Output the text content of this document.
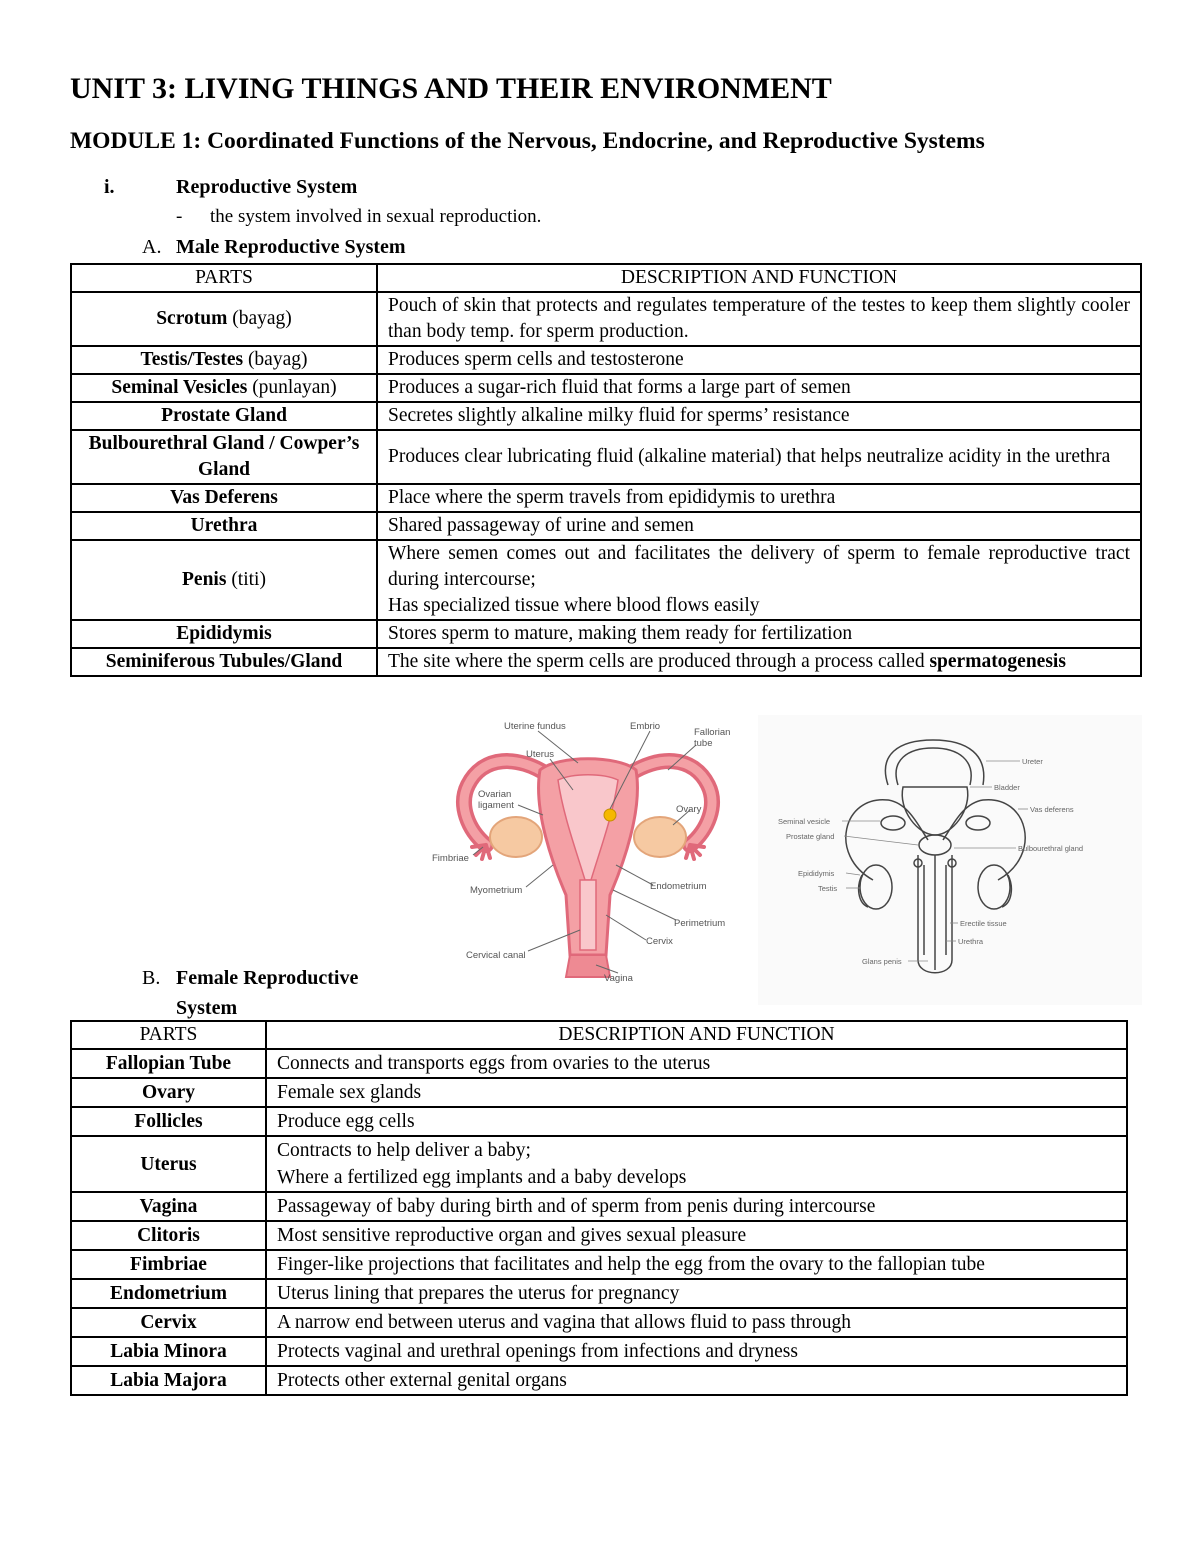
UNIT 3: LIVING THINGS AND THEIR ENVIRONMENT
MODULE 1: Coordinated Functions of the Nervous, Endocrine, and Reproductive Systems
i.	Reproductive System
- the system involved in sexual reproduction.
A. Male Reproductive System
PARTS	DESCRIPTION AND FUNCTION
Scrotum (bayag)	Pouch of skin that protects and regulates temperature of the testes to keep them slightly cooler than body temp. for sperm production.
Testis/Testes (bayag)	Produces sperm cells and testosterone
Seminal Vesicles (punlayan)	Produces a sugar-rich fluid that forms a large part of semen
Prostate Gland	Secretes slightly alkaline milky fluid for sperms’ resistance
Bulbourethral Gland / Cowper’s Gland	Produces clear lubricating fluid (alkaline material) that helps neutralize acidity in the urethra
Vas Deferens	Place where the sperm travels from epididymis to urethra
Urethra	Shared passageway of urine and semen
Penis (titi)	Where semen comes out and facilitates the delivery of sperm to female reproductive tract during intercourse;
Has specialized tissue where blood flows easily
Epididymis	Stores sperm to mature, making them ready for fertilization
Seminiferous Tubules/Gland	The site where the sperm cells are produced through a process called spermatogenesis
Uterine fundus	Embrio
Fallorian
tube
Uterus
Ovarian
ligament	Ovary
Fimbriae
Myometrium	Endometrium
Perimetrium
Cervix
Cervical canal
Vagina
Ureter
Bladder
Vas deferens
Seminal vesicle
Prostate gland
Bulbourethral gland
Epididymis
Testis
Erectile tissue
Urethra
Glans penis
B. Female Reproductive
System
PARTS	DESCRIPTION AND FUNCTION
Fallopian Tube	Connects and transports eggs from ovaries to the uterus
Ovary	Female sex glands
Follicles	Produce egg cells
Uterus	Contracts to help deliver a baby;
Where a fertilized egg implants and a baby develops
Vagina	Passageway of baby during birth and of sperm from penis during intercourse
Clitoris	Most sensitive reproductive organ and gives sexual pleasure
Fimbriae	Finger-like projections that facilitates and help the egg from the ovary to the fallopian tube
Endometrium	Uterus lining that prepares the uterus for pregnancy
Cervix	A narrow end between uterus and vagina that allows fluid to pass through
Labia Minora	Protects vaginal and urethral openings from infections and dryness
Labia Majora	Protects other external genital organs
